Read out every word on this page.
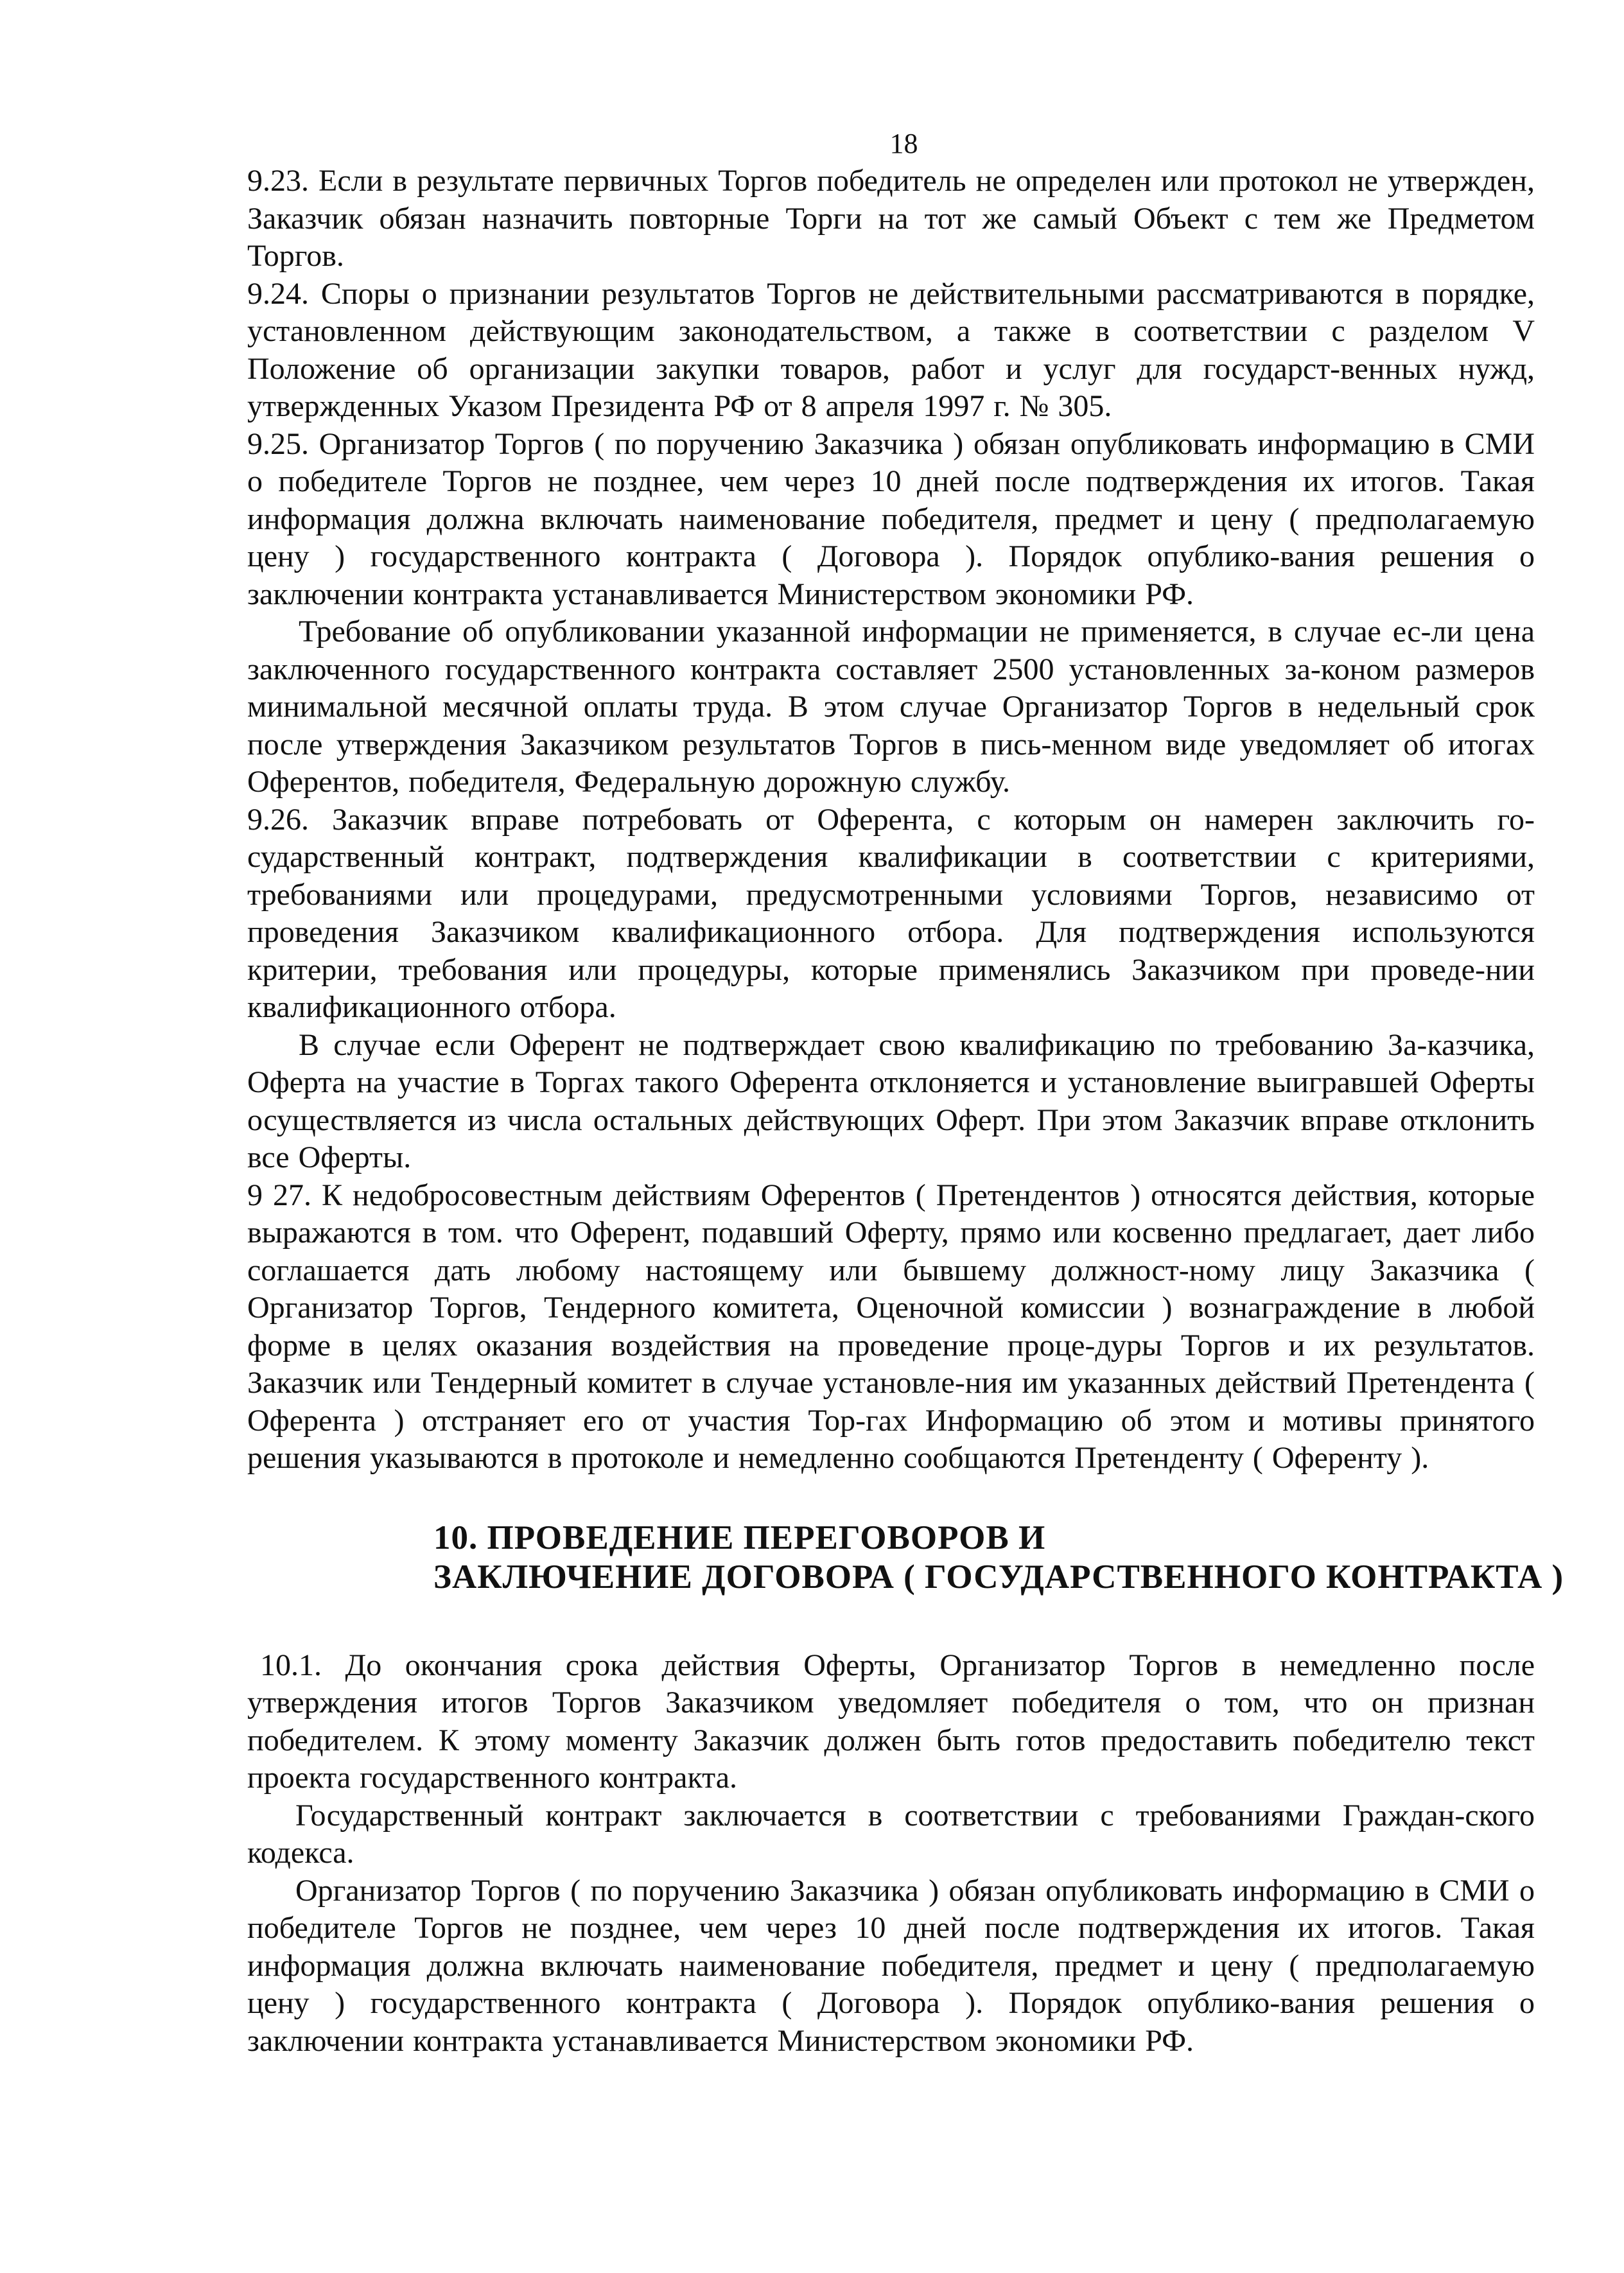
18

9.23. Если в результате первичных Торгов победитель не определен или протокол не утвержден, Заказчик обязан назначить повторные Торги на тот же самый Объект с тем же Предметом Торгов.

9.24. Споры о признании результатов Торгов не действительными рассматриваются в порядке, установленном действующим законодательством, а также в соответствии с разделом V Положение об организации закупки товаров, работ и услуг для государст-венных нужд, утвержденных Указом Президента РФ от 8 апреля 1997 г. № 305.

9.25. Организатор Торгов ( по поручению Заказчика ) обязан опубликовать информацию в СМИ о победителе Торгов не позднее, чем через 10 дней после подтверждения их итогов. Такая информация должна включать наименование победителя, предмет и цену ( предполагаемую цену ) государственного контракта ( Договора ). Порядок опублико-вания решения о заключении контракта устанавливается Министерством экономики РФ.

Требование об опубликовании указанной информации не применяется, в случае ес-ли цена заключенного государственного контракта составляет 2500 установленных за-коном размеров минимальной месячной оплаты труда. В этом случае Организатор Торгов в недельный срок после утверждения Заказчиком результатов Торгов в пись-менном виде уведомляет об итогах Оферентов, победителя, Федеральную дорожную службу.

9.26. Заказчик вправе потребовать от Оферента, с которым он намерен заключить го-сударственный контракт, подтверждения квалификации в соответствии с критериями, требованиями или процедурами, предусмотренными условиями Торгов, независимо от проведения Заказчиком квалификационного отбора. Для подтверждения используются критерии, требования или процедуры, которые применялись Заказчиком при проведе-нии квалификационного отбора.

В случае если Оферент не подтверждает свою квалификацию по требованию За-казчика, Оферта на участие в Торгах такого Оферента отклоняется и установление выигравшей Оферты осуществляется из числа остальных действующих Оферт. При этом Заказчик вправе отклонить все Оферты.

9 27. К недобросовестным действиям Оферентов ( Претендентов ) относятся действия, которые выражаются в том. что Оферент, подавший Оферту, прямо или косвенно предлагает, дает либо соглашается дать любому настоящему или бывшему должност-ному лицу Заказчика ( Организатор Торгов, Тендерного комитета, Оценочной комиссии ) вознаграждение в любой форме в целях оказания воздействия на проведение проце-дуры Торгов и их результатов. Заказчик или Тендерный комитет в случае установле-ния им указанных действий Претендента ( Оферента ) отстраняет его от участия Тор-гах Информацию об этом и мотивы принятого решения указываются в протоколе и немедленно сообщаются Претенденту ( Оференту ).

10. ПРОВЕДЕНИЕ ПЕРЕГОВОРОВ И
ЗАКЛЮЧЕНИЕ ДОГОВОРА ( ГОСУДАРСТВЕННОГО КОНТРАКТА )

10.1. До окончания срока действия Оферты, Организатор Торгов в немедленно после утверждения итогов Торгов Заказчиком уведомляет победителя о том, что он признан победителем. К этому моменту Заказчик должен быть готов предоставить победителю текст проекта государственного контракта.

Государственный контракт заключается в соответствии с требованиями Граждан-ского кодекса.

Организатор Торгов ( по поручению Заказчика ) обязан опубликовать информацию в СМИ о победителе Торгов не позднее, чем через 10 дней после подтверждения их итогов. Такая информация должна включать наименование победителя, предмет и цену ( предполагаемую цену ) государственного контракта ( Договора ). Порядок опублико-вания решения о заключении контракта устанавливается Министерством экономики РФ.
